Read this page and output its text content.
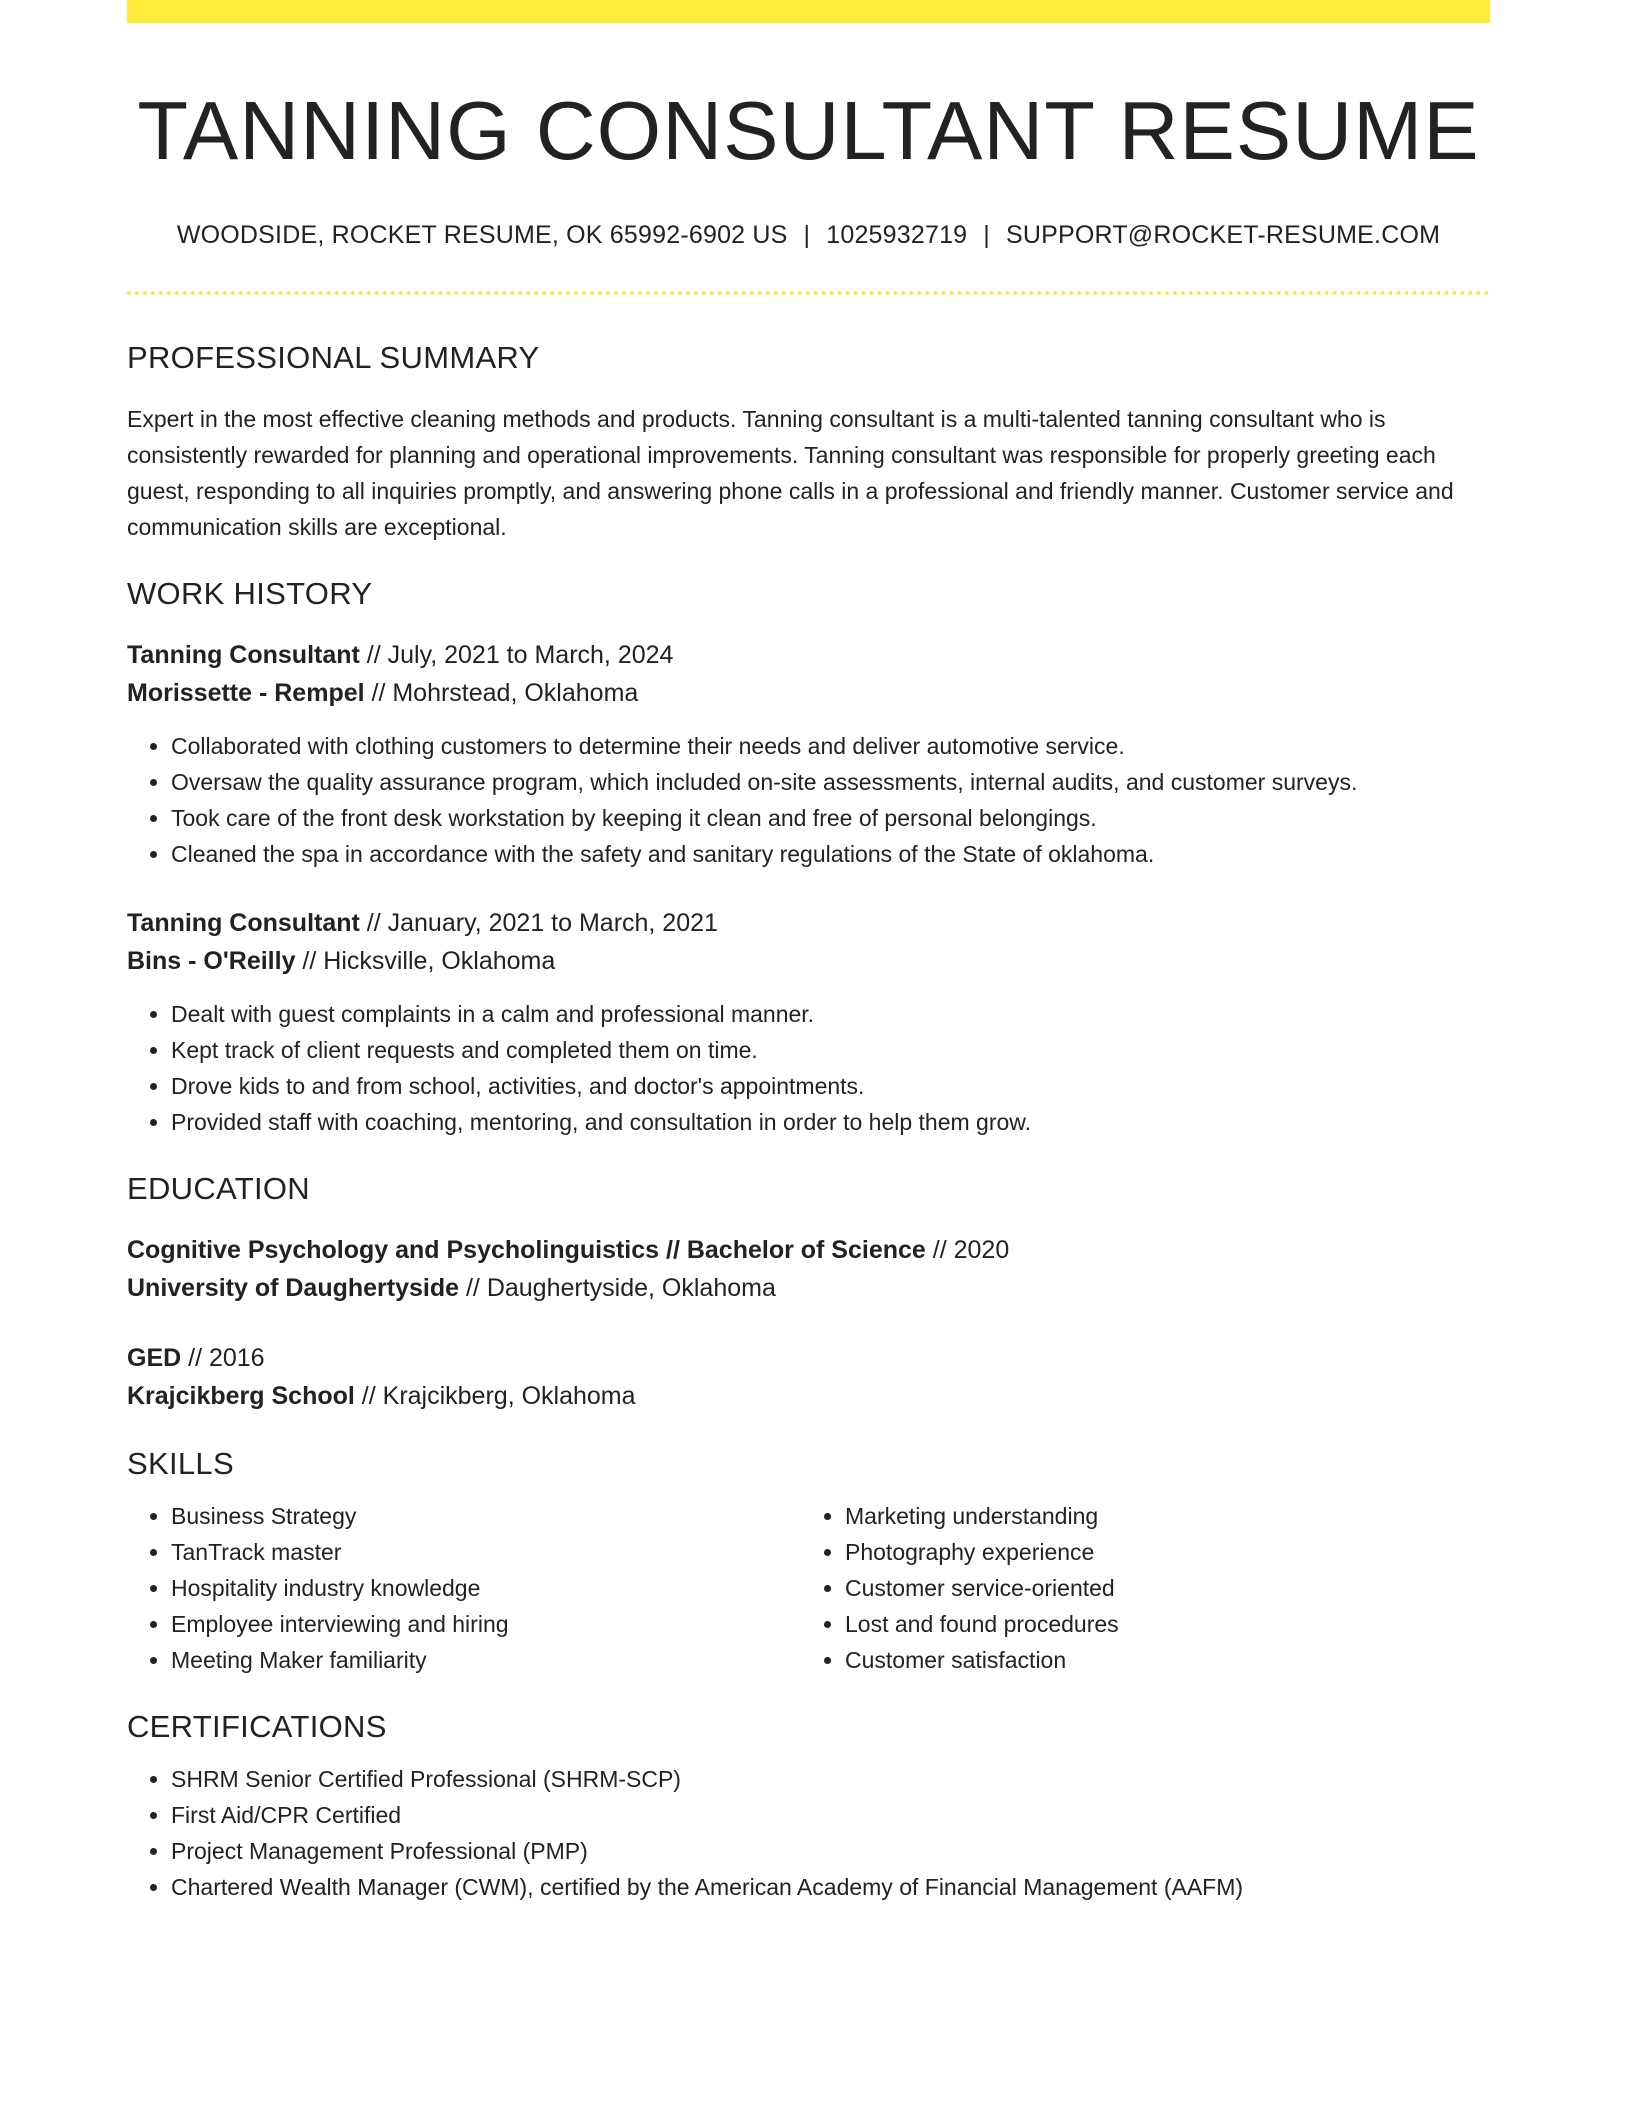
TANNING CONSULTANT RESUME
WOODSIDE, ROCKET RESUME, OK 65992-6902 US | 1025932719 | SUPPORT@ROCKET-RESUME.COM
PROFESSIONAL SUMMARY

Expert in the most effective cleaning methods and products. Tanning consultant is a multi-talented tanning consultant who is consistently rewarded for planning and operational improvements. Tanning consultant was responsible for properly greeting each guest, responding to all inquiries promptly, and answering phone calls in a professional and friendly manner. Customer service and communication skills are exceptional.

WORK HISTORY
Tanning Consultant // July, 2021 to March, 2024
Morissette - Rempel // Mohrstead, Oklahoma
• Collaborated with clothing customers to determine their needs and deliver automotive service.
• Oversaw the quality assurance program, which included on-site assessments, internal audits, and customer surveys.
• Took care of the front desk workstation by keeping it clean and free of personal belongings.
• Cleaned the spa in accordance with the safety and sanitary regulations of the State of oklahoma.
Tanning Consultant // January, 2021 to March, 2021
Bins - O'Reilly // Hicksville, Oklahoma
• Dealt with guest complaints in a calm and professional manner.
• Kept track of client requests and completed them on time.
• Drove kids to and from school, activities, and doctor's appointments.
• Provided staff with coaching, mentoring, and consultation in order to help them grow.
EDUCATION
Cognitive Psychology and Psycholinguistics // Bachelor of Science // 2020
University of Daughertyside // Daughertyside, Oklahoma
GED // 2016
Krajcikberg School // Krajcikberg, Oklahoma
SKILLS
• Business Strategy
• TanTrack master
• Hospitality industry knowledge
• Employee interviewing and hiring
• Meeting Maker familiarity
• Marketing understanding
• Photography experience
• Customer service-oriented
• Lost and found procedures
• Customer satisfaction
CERTIFICATIONS
• SHRM Senior Certified Professional (SHRM-SCP)
• First Aid/CPR Certified
• Project Management Professional (PMP)
• Chartered Wealth Manager (CWM), certified by the American Academy of Financial Management (AAFM)
